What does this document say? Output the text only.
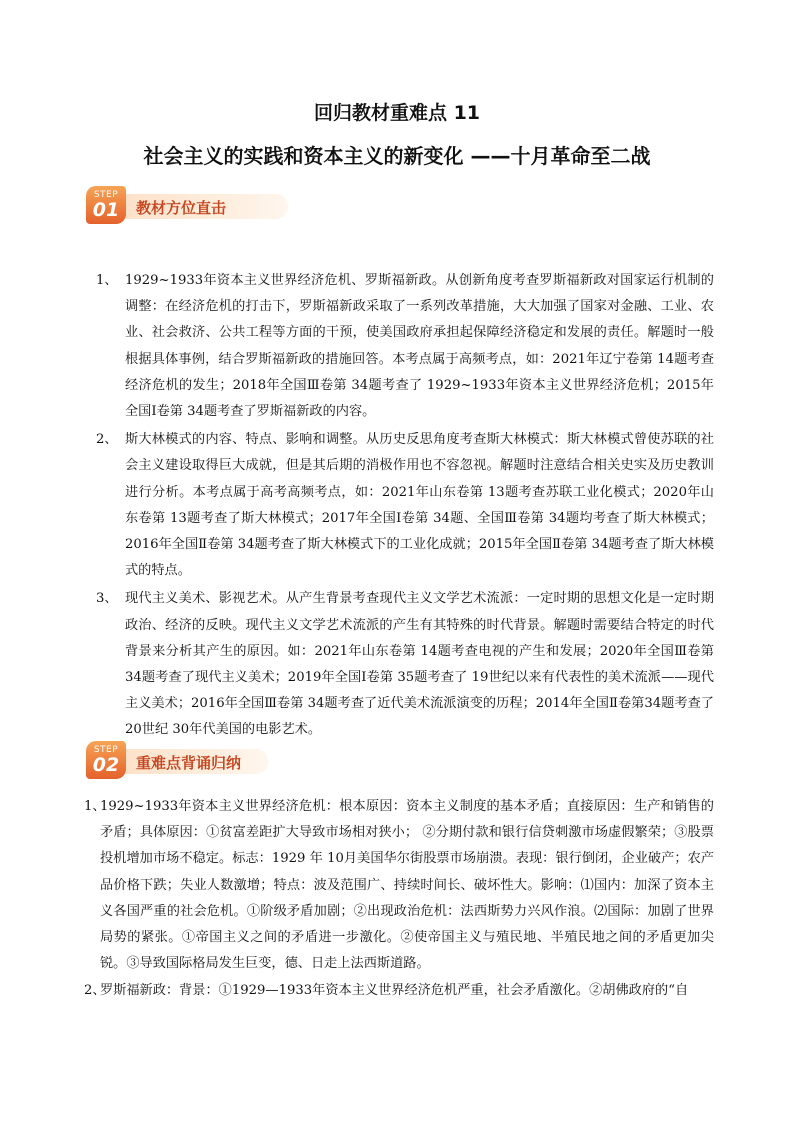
回归教材重难点 11
社会主义的实践和资本主义的新变化 ——十月革命至二战
教材方位直击
STEP
01
1、 1929~1933年资本主义世界经济危机、罗斯福新政。从创新角度考查罗斯福新政对国家运行机制的调整：在经济危机的打击下，罗斯福新政采取了一系列改革措施，大大加强了国家对金融、工业、农业、社会救济、公共工程等方面的干预，使美国政府承担起保障经济稳定和发展的责任。解题时一般根据具体事例，结合罗斯福新政的措施回答。本考点属于高频考点，如：2021年辽宁卷第 14题考查经济危机的发生；2018年全国Ⅲ卷第 34题考查了 1929~1933年资本主义世界经济危机；2015年全国Ⅰ卷第 34题考查了罗斯福新政的内容。
2、 斯大林模式的内容、特点、影响和调整。从历史反思角度考查斯大林模式：斯大林模式曾使苏联的社会主义建设取得巨大成就，但是其后期的消极作用也不容忽视。解题时注意结合相关史实及历史教训进行分析。本考点属于高考高频考点，如：2021年山东卷第 13题考查苏联工业化模式；2020年山东卷第 13题考查了斯大林模式；2017年全国Ⅰ卷第 34题、全国Ⅲ卷第 34题均考查了斯大林模式；2016年全国Ⅱ卷第 34题考查了斯大林模式下的工业化成就；2015年全国Ⅱ卷第 34题考查了斯大林模式的特点。
3、 现代主义美术、影视艺术。从产生背景考查现代主义文学艺术流派：一定时期的思想文化是一定时期政治、经济的反映。现代主义文学艺术流派的产生有其特殊的时代背景。解题时需要结合特定的时代背景来分析其产生的原因。如：2021年山东卷第 14题考查电视的产生和发展；2020年全国Ⅲ卷第 34题考查了现代主义美术；2019年全国Ⅰ卷第 35题考查了 19世纪以来有代表性的美术流派——现代主义美术；2016年全国Ⅲ卷第 34题考查了近代美术流派演变的历程；2014年全国Ⅱ卷第34题考查了 20世纪 30年代美国的电影艺术。
重难点背诵归纳
STEP
02
1、
1929~1933年资本主义世界经济危机：根本原因：资本主义制度的基本矛盾；直接原因：生产和销售的矛盾；具体原因：①贫富差距扩大导致市场相对狭小； ②分期付款和银行信贷刺激市场虚假繁荣；③股票投机增加市场不稳定。标志：1929 年 10月美国华尔街股票市场崩溃。表现：银行倒闭，企业破产；农产品价格下跌；失业人数激增；特点：波及范围广、持续时间长、破坏性大。影响：⑴国内：加深了资本主义各国严重的社会危机。①阶级矛盾加剧；②出现政治危机：法西斯势力兴风作浪。⑵国际：加剧了世界局势的紧张。①帝国主义之间的矛盾进一步激化。②使帝国主义与殖民地、半殖民地之间的矛盾更加尖锐。③导致国际格局发生巨变，德、日走上法西斯道路。
2、
罗斯福新政：背景：①1929—1933年资本主义世界经济危机严重，社会矛盾激化。②胡佛政府的“自
